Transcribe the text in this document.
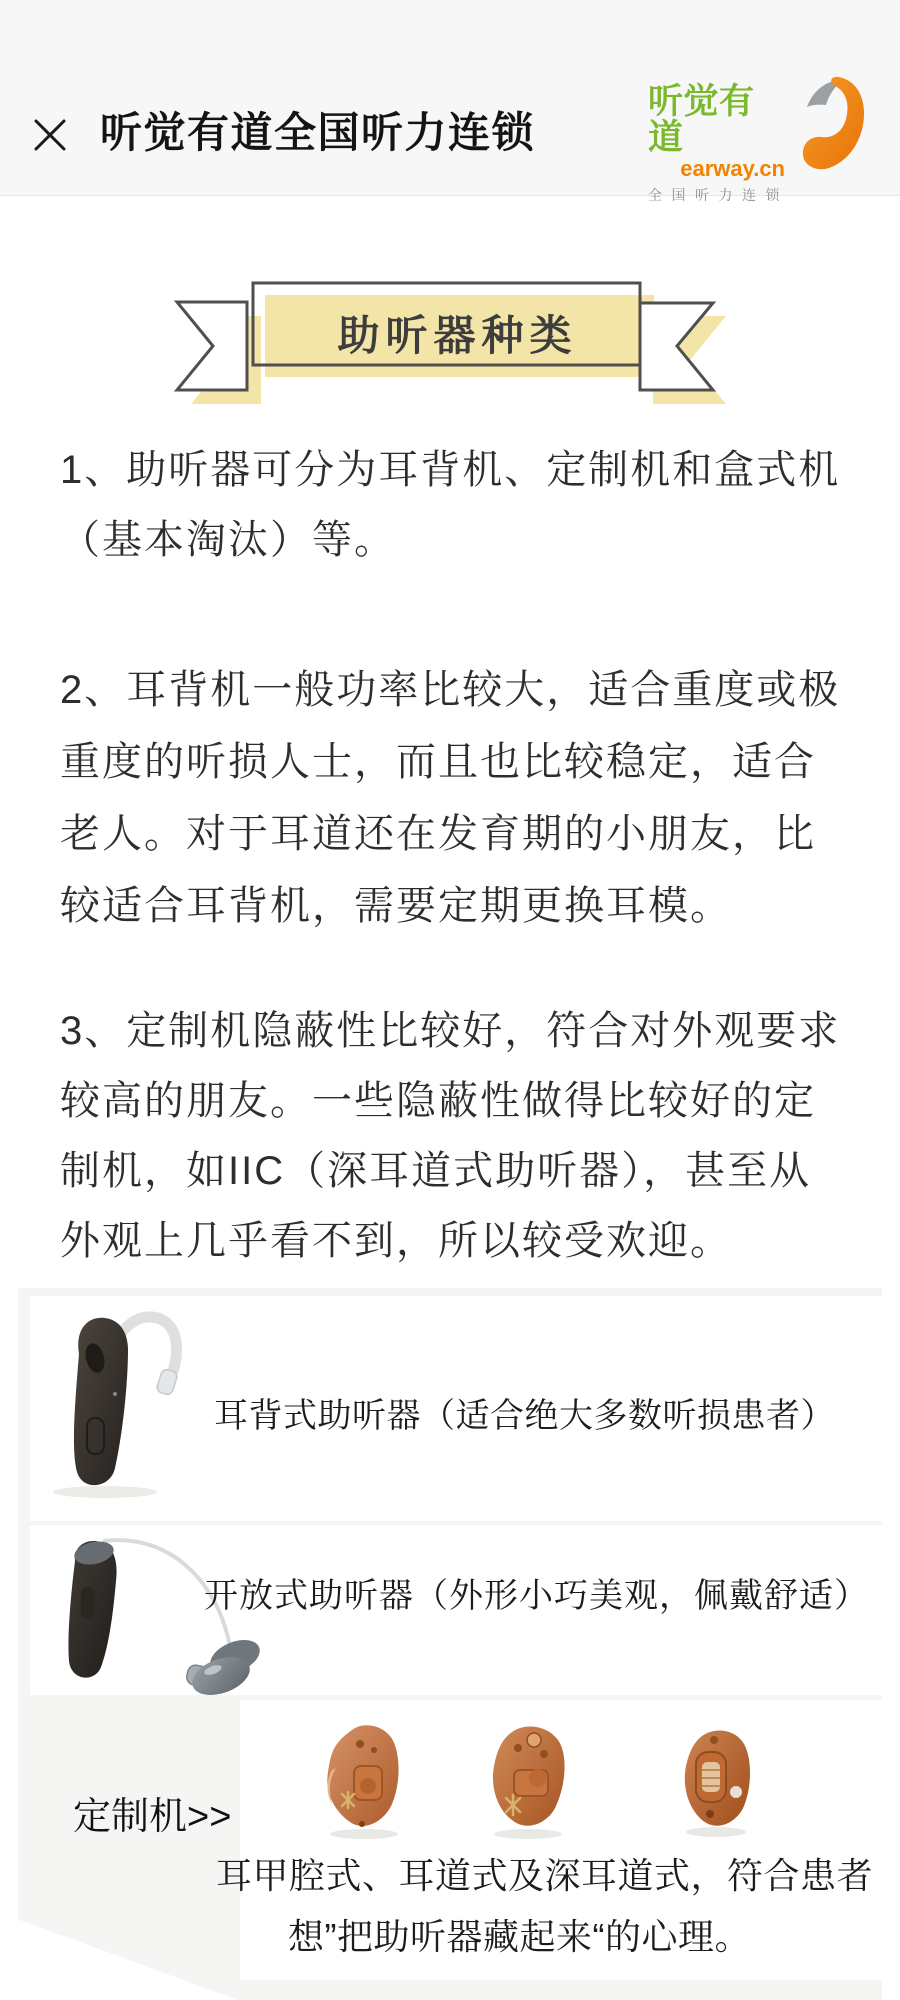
听觉有道全国听力连锁
听觉有道
earway.cn
全国听力连锁
助听器种类
1、助听器可分为耳背机、定制机和盒式机
（基本淘汰）等。
2、耳背机一般功率比较大，适合重度或极
重度的听损人士，而且也比较稳定，适合
老人。对于耳道还在发育期的小朋友，比
较适合耳背机，需要定期更换耳模。
3、定制机隐蔽性比较好，符合对外观要求
较高的朋友。一些隐蔽性做得比较好的定
制机，如IIC（深耳道式助听器），甚至从
外观上几乎看不到，所以较受欢迎。
耳背式助听器（适合绝大多数听损患者）
开放式助听器（外形小巧美观，佩戴舒适）
定制机>>
耳甲腔式、耳道式及深耳道式，符合患者
想”把助听器藏起来“的心理。
